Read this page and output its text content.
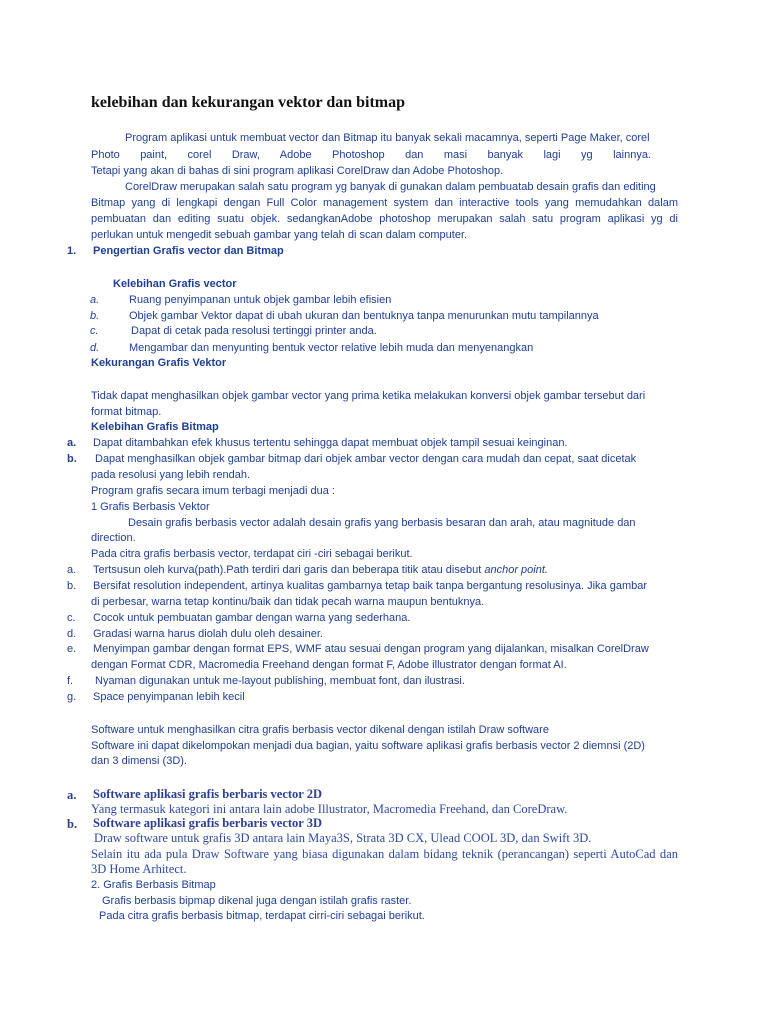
kelebihan dan kekurangan vektor dan bitmap
Program aplikasi untuk membuat vector dan Bitmap itu banyak sekali macamnya, seperti Page Maker, corel
Photo paint, corel Draw, Adobe Photoshop dan masi banyak lagi yg lainnya.
Tetapi yang akan di bahas di sini program aplikasi CorelDraw dan Adobe Photoshop.
CorelDraw merupakan salah satu program yg banyak di gunakan dalam pembuatab desain grafis dan editing
Bitmap yang di lengkapi dengan Full Color management system dan interactive tools yang memudahkan dalam
pembuatan dan editing suatu objek. sedangkanAdobe photoshop merupakan salah satu program aplikasi yg di
perlukan untuk mengedit sebuah gambar yang telah di scan dalam computer.
1. Pengertian Grafis vector dan Bitmap
Kelebihan Grafis vector
a.	Ruang penyimpanan untuk objek gambar lebih efisien
b.	Objek gambar Vektor dapat di ubah ukuran dan bentuknya tanpa menurunkan mutu tampilannya
c.	Dapat di cetak pada resolusi tertinggi printer anda.
d.	Mengambar dan menyunting bentuk vector relative lebih muda dan menyenangkan
Kekurangan Grafis Vektor
Tidak dapat menghasilkan objek gambar vector yang prima ketika melakukan konversi objek gambar tersebut dari
format bitmap.
Kelebihan Grafis Bitmap
a. Dapat ditambahkan efek khusus tertentu sehingga dapat membuat objek tampil sesuai keinginan.
b. Dapat menghasilkan objek gambar bitmap dari objek ambar vector dengan cara mudah dan cepat, saat dicetak
pada resolusi yang lebih rendah.
Program grafis secara imum terbagi menjadi dua :
1 Grafis Berbasis Vektor
Desain grafis berbasis vector adalah desain grafis yang berbasis besaran dan arah, atau magnitude dan
direction.
Pada citra grafis berbasis vector, terdapat ciri -ciri sebagai berikut.
a. Tertsusun oleh kurva(path).Path terdiri dari garis dan beberapa titik atau disebut anchor point.
b. Bersifat resolution independent, artinya kualitas gambarnya tetap baik tanpa bergantung resolusinya. Jika gambar
di perbesar, warna tetap kontinu/baik dan tidak pecah warna maupun bentuknya.
c. Cocok untuk pembuatan gambar dengan warna yang sederhana.
d. Gradasi warna harus diolah dulu oleh desainer.
e. Menyimpan gambar dengan format EPS, WMF atau sesuai dengan program yang dijalankan, misalkan CorelDraw
dengan Format CDR, Macromedia Freehand dengan format F, Adobe illustrator dengan format AI.
f. Nyaman digunakan untuk me-layout publishing, membuat font, dan ilustrasi.
g. Space penyimpanan lebih kecil
Software untuk menghasilkan citra grafis berbasis vector dikenal dengan istilah Draw software
Software ini dapat dikelompokan menjadi dua bagian, yaitu software aplikasi grafis berbasis vector 2 diemnsi (2D)
dan 3 dimensi (3D).
a. Software aplikasi grafis berbaris vector 2D
Yang termasuk kategori ini antara lain adobe Illustrator, Macromedia Freehand, dan CoreDraw.
b. Software aplikasi grafis berbaris vector 3D
Draw software untuk grafis 3D antara lain Maya3S, Strata 3D CX, Ulead COOL 3D, dan Swift 3D.
Selain itu ada pula Draw Software yang biasa digunakan dalam bidang teknik (perancangan) seperti AutoCad dan
3D Home Arhitect.
2. Grafis Berbasis Bitmap
Grafis berbasis bipmap dikenal juga dengan istilah grafis raster.
Pada citra grafis berbasis bitmap, terdapat cirri-ciri sebagai berikut.
